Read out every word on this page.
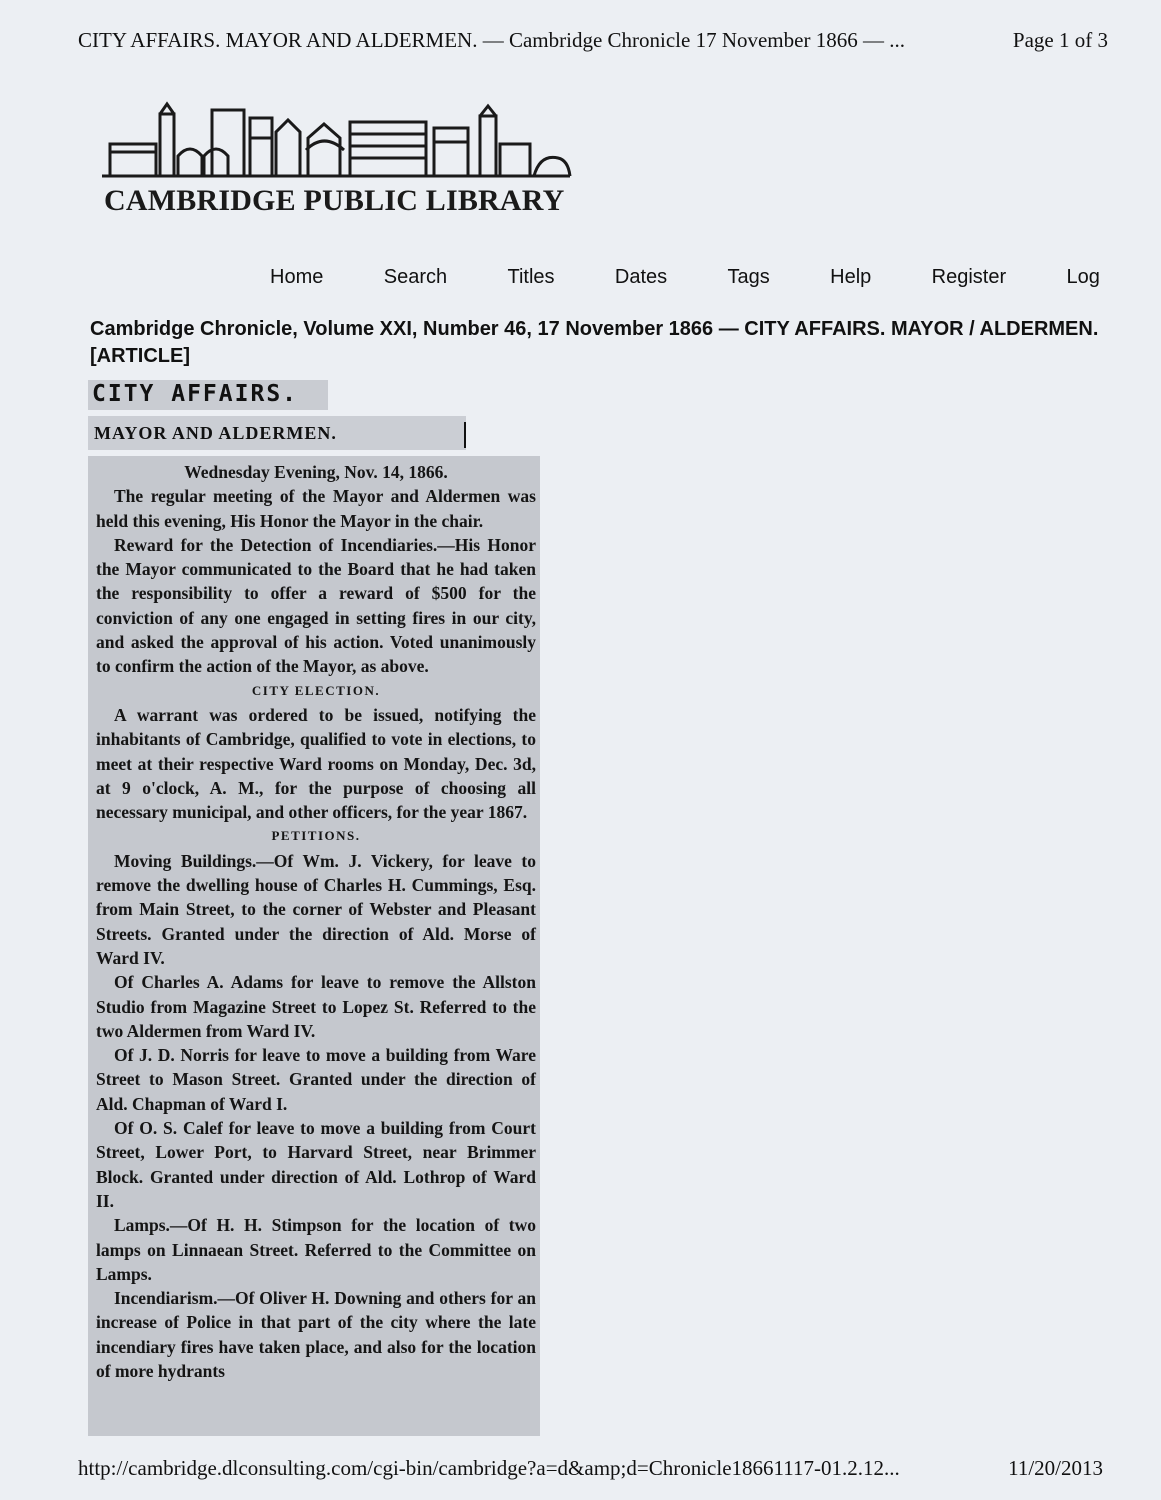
CITY AFFAIRS. MAYOR AND ALDERMEN. — Cambridge Chronicle 17 November 1866 — ...	Page 1 of 3
CAMBRIDGE PUBLIC LIBRARY
Home	Search	Titles	Dates	Tags	Help	Register	Log
Cambridge Chronicle, Volume XXI, Number 46, 17 November 1866 — CITY AFFAIRS. MAYOR / ALDERMEN. [ARTICLE]
CITY AFFAIRS.
MAYOR AND ALDERMEN.

Wednesday Evening, Nov. 14, 1866.

The regular meeting of the Mayor and Aldermen was held this evening, His Honor the Mayor in the chair.

Reward for the Detection of Incendiaries.—His Honor the Mayor communicated to the Board that he had taken the responsibility to offer a reward of $500 for the conviction of any one engaged in setting fires in our city, and asked the approval of his action. Voted unanimously to confirm the action of the Mayor, as above.

CITY ELECTION.

A warrant was ordered to be issued, notifying the inhabitants of Cambridge, qualified to vote in elections, to meet at their respective Ward rooms on Monday, Dec. 3d, at 9 o'clock, A. M., for the purpose of choosing all necessary municipal, and other officers, for the year 1867.

PETITIONS.

Moving Buildings.—Of Wm. J. Vickery, for leave to remove the dwelling house of Charles H. Cummings, Esq. from Main Street, to the corner of Webster and Pleasant Streets. Granted under the direction of Ald. Morse of Ward IV.

Of Charles A. Adams for leave to remove the Allston Studio from Magazine Street to Lopez St. Referred to the two Aldermen from Ward IV.

Of J. D. Norris for leave to move a building from Ware Street to Mason Street. Granted under the direction of Ald. Chapman of Ward I.

Of O. S. Calef for leave to move a building from Court Street, Lower Port, to Harvard Street, near Brimmer Block. Granted under direction of Ald. Lothrop of Ward II.

Lamps.—Of H. H. Stimpson for the location of two lamps on Linnaean Street. Referred to the Committee on Lamps.

Incendiarism.—Of Oliver H. Downing and others for an increase of Police in that part of the city where the late incendiary fires have taken place, and also for the location of more hydrants

http://cambridge.dlconsulting.com/cgi-bin/cambridge?a=d&amp;d=Chronicle18661117-01.2.12...	11/20/2013
